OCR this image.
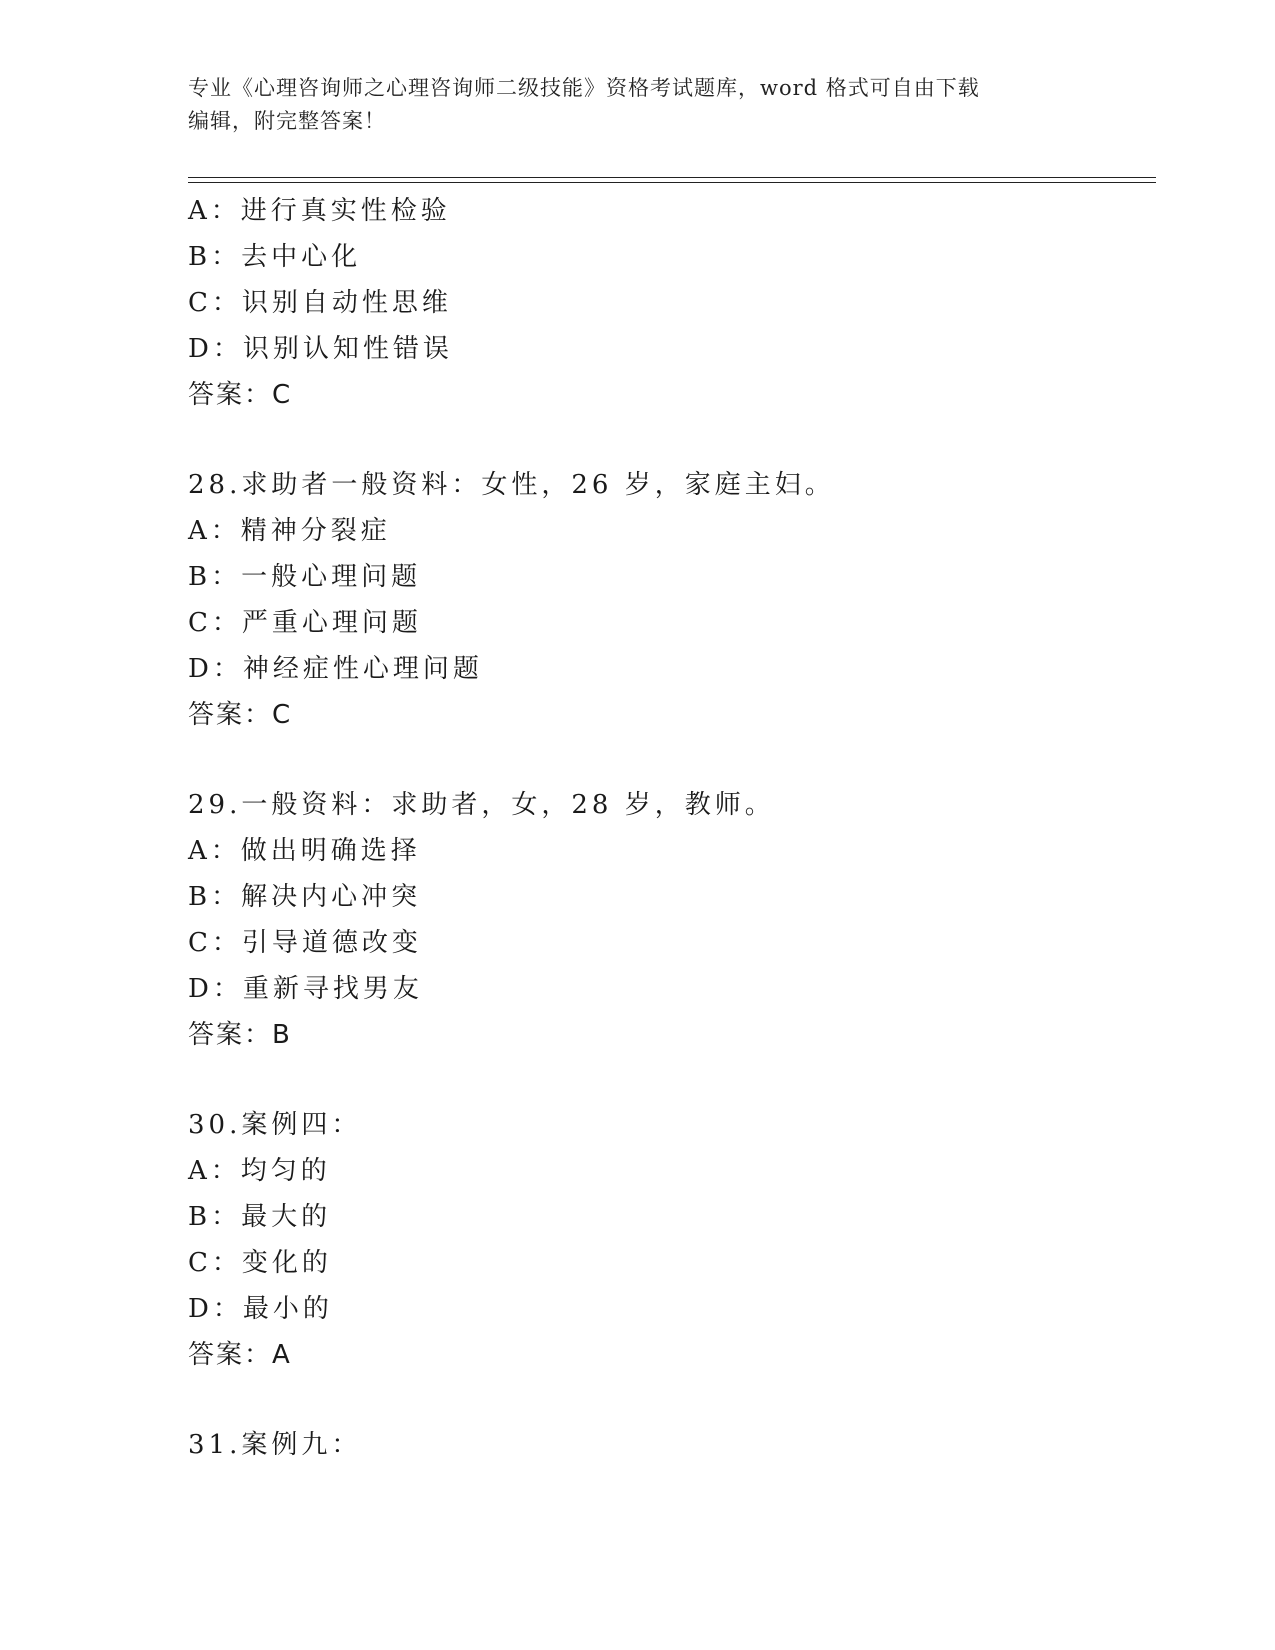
专业《心理咨询师之心理咨询师二级技能》资格考试题库，word 格式可自由下载
编辑，附完整答案！
A：进行真实性检验
B：去中心化
C：识别自动性思维
D：识别认知性错误
答案：C
28.求助者一般资料：女性，26 岁，家庭主妇。
A：精神分裂症
B：一般心理问题
C：严重心理问题
D：神经症性心理问题
答案：C
29.一般资料：求助者，女，28 岁，教师。
A：做出明确选择
B：解决内心冲突
C：引导道德改变
D：重新寻找男友
答案：B
30.案例四：
A：均匀的
B：最大的
C：变化的
D：最小的
答案：A
31.案例九：
